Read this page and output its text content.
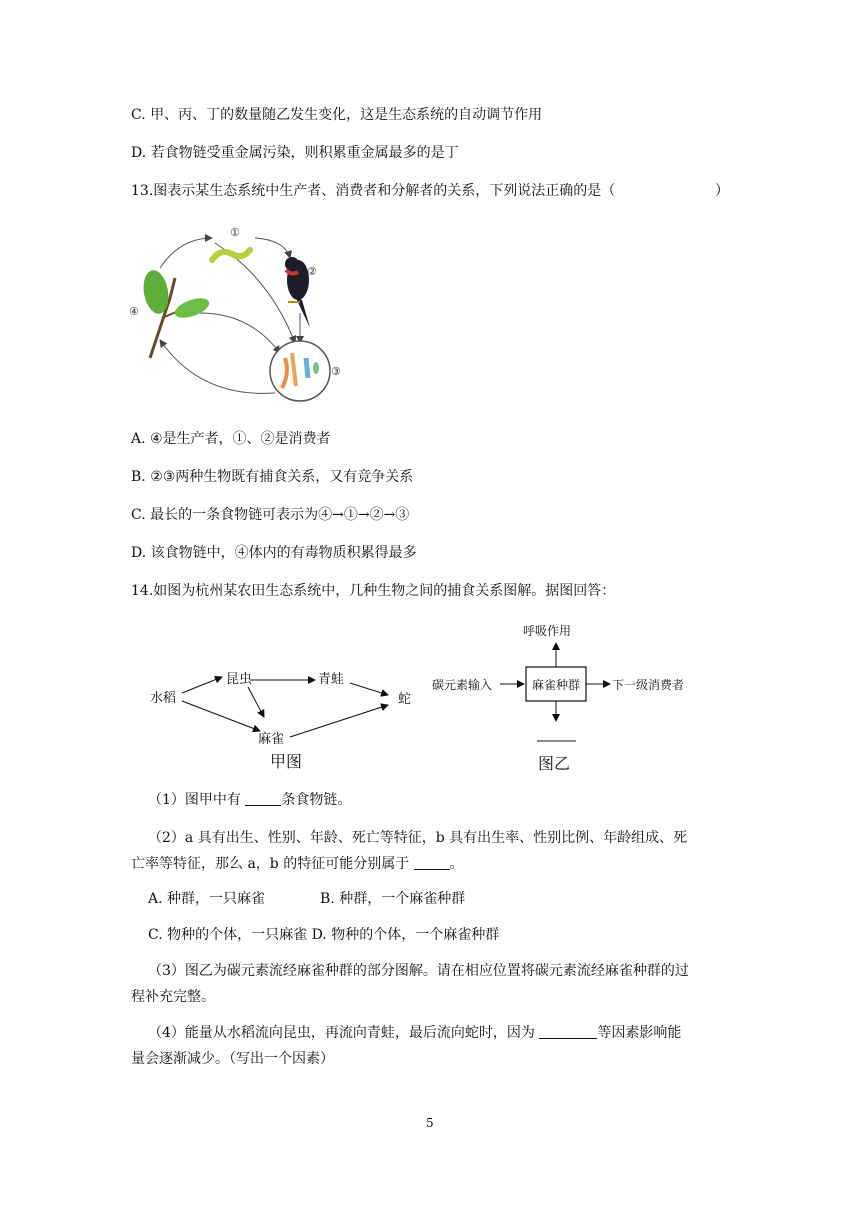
C. 甲、丙、丁的数量随乙发生变化，这是生态系统的自动调节作用
D. 若食物链受重金属污染，则积累重金属最多的是丁
13.图表示某生态系统中生产者、消费者和分解者的关系，下列说法正确的是（	）
①
②
③
④
A. ④是生产者，①、②是消费者
B. ②③两种生物既有捕食关系，又有竞争关系
C. 最长的一条食物链可表示为④→①→②→③
D. 该食物链中，④体内的有毒物质积累得最多
14.如图为杭州某农田生态系统中，几种生物之间的捕食关系图解。据图回答：
水稻
昆虫	青蛙
麻雀
蛇
甲图
呼吸作用
麻雀种群
碳元素输入	下一级消费者
图乙
（1）图甲中有	条食物链。
（2）a 具有出生、性别、年龄、死亡等特征，b 具有出生率、性别比例、年龄组成、死
亡率等特征，那么 a，b 的特征可能分别属于	。
A. 种群，一只麻雀	B. 种群，一个麻雀种群
C. 物种的个体，一只麻雀 D. 物种的个体，一个麻雀种群
（3）图乙为碳元素流经麻雀种群的部分图解。请在相应位置将碳元素流经麻雀种群的过
程补充完整。
（4）能量从水稻流向昆虫，再流向青蛙，最后流向蛇时，因为	等因素影响能
量会逐渐减少。（写出一个因素）
5
